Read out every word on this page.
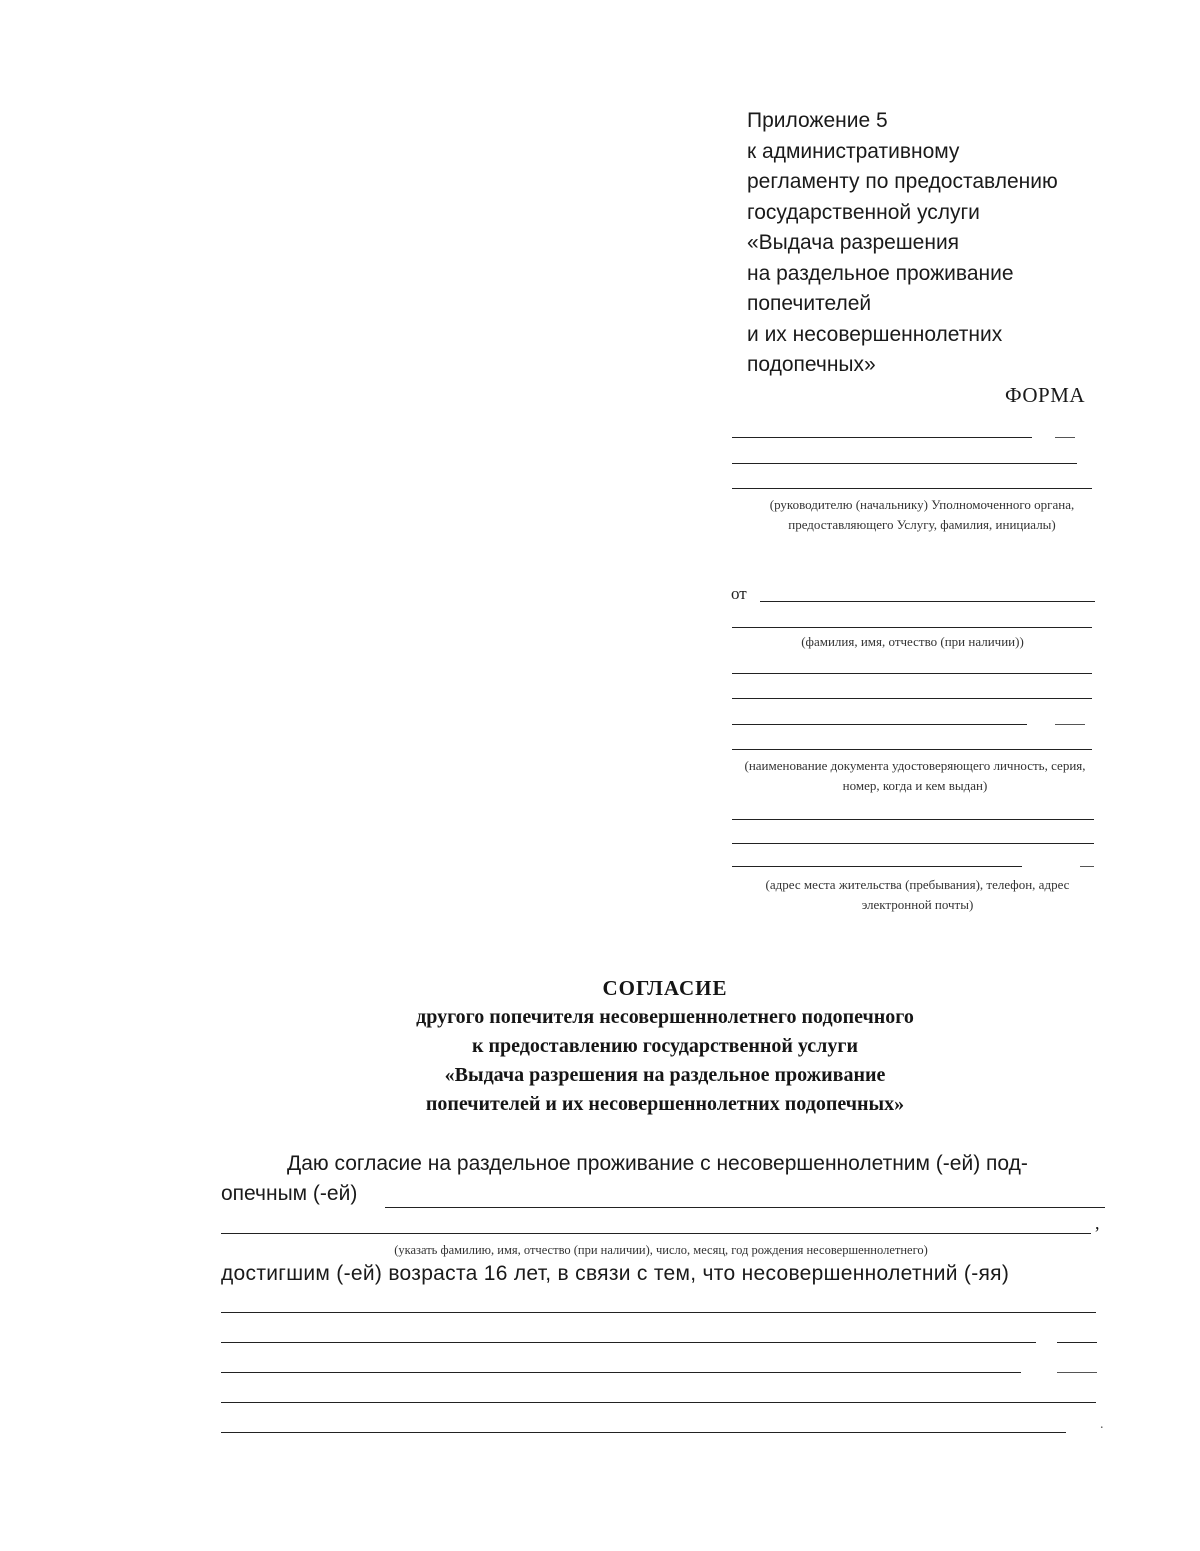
Приложение 5
к административному
регламенту по предоставлению
государственной услуги
«Выдача разрешения
на раздельное проживание
попечителей
и их несовершеннолетних
подопечных»
ФОРМА
(руководителю (начальнику) Уполномоченного органа, предоставляющего Услугу, фамилия, инициалы)
от
(фамилия, имя, отчество (при наличии))
(наименование документа удостоверяющего личность, серия, номер, когда и кем выдан)
(адрес места жительства (пребывания), телефон, адрес электронной почты)
СОГЛАСИЕ
другого попечителя несовершеннолетнего подопечного
к предоставлению государственной услуги
«Выдача разрешения на раздельное проживание
попечителей и их несовершеннолетних подопечных»
Даю согласие на раздельное проживание с несовершеннолетним (-ей) под-
опечным (-ей)
,
(указать фамилию, имя, отчество (при наличии), число, месяц, год рождения несовершеннолетнего)
достигшим (-ей) возраста 16 лет, в связи с тем, что несовершеннолетний (-яя)
.
